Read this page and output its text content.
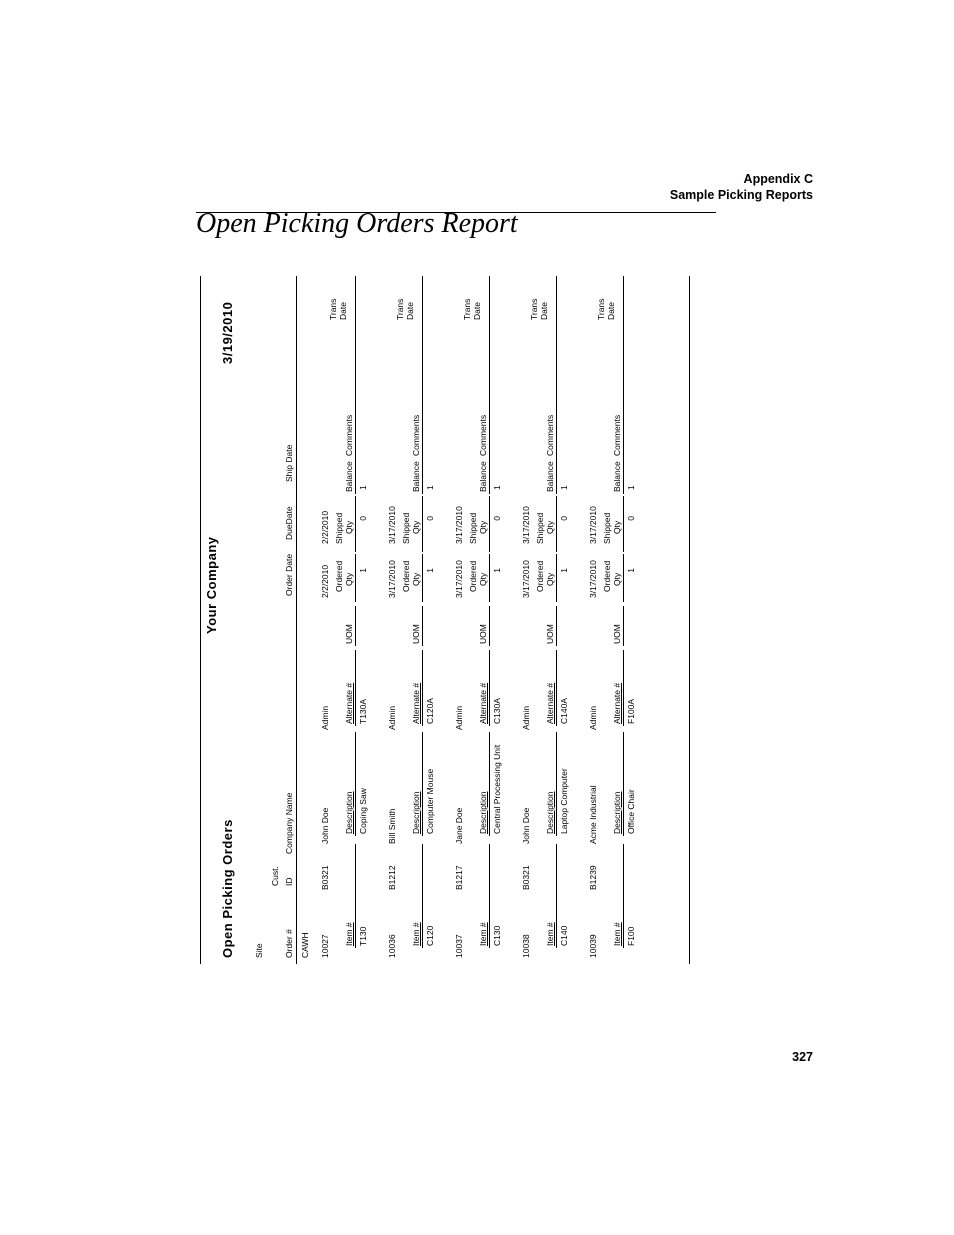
Appendix C
Sample Picking Reports
Open Picking Orders Report
Open Picking Orders
Your Company
3/19/2010
Site Order #
Cust. ID
Company Name
Order Date
DueDate
Ship Date
CAWH 10027
B0321
John Doe
Admin
2/2/2010
2/2/2010
Trans Date
Ordered
Shipped
Item #
Description
Alternate #
UOM
Qty
Qty
Balance
Comments
T130
Coping Saw
T130A
1
0
1
10036
B1212
Bill Smith
Admin
3/17/2010
3/17/2010
Trans Date
Ordered
Shipped
Item #
Description
Alternate #
UOM
Qty
Qty
Balance
Comments
C120
Computer Mouse
C120A
1
0
1
10037
B1217
Jane Doe
Admin
3/17/2010
3/17/2010
Trans Date
Ordered
Shipped
Item #
Description
Alternate #
UOM
Qty
Qty
Balance
Comments
C130
Central Processing Unit
C130A
1
0
1
10038
B0321
John Doe
Admin
3/17/2010
3/17/2010
Trans Date
Ordered
Shipped
Item #
Description
Alternate #
UOM
Qty
Qty
Balance
Comments
C140
Laptop Computer
C140A
1
0
1
10039
B1239
Acme Industrial
Admin
3/17/2010
3/17/2010
Trans Date
Ordered
Shipped
Item #
Description
Alternate #
UOM
Qty
Qty
Balance
Comments
F100
Office Chair
F100A
1
0
1
327
